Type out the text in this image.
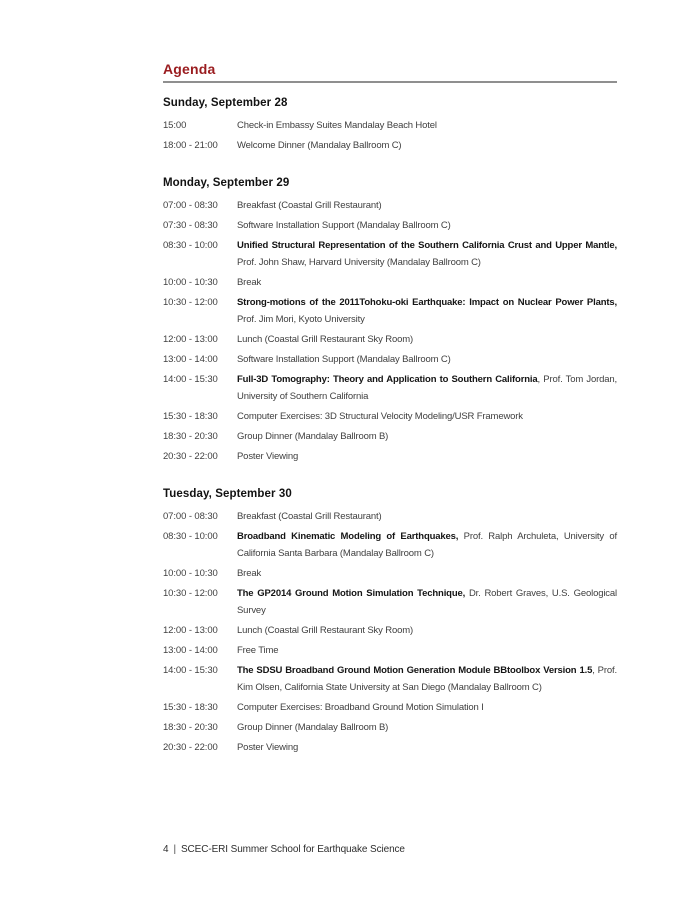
Agenda
Sunday, September 28
15:00	Check-in Embassy Suites Mandalay Beach Hotel
18:00 - 21:00	Welcome Dinner (Mandalay Ballroom C)
Monday, September 29
07:00 - 08:30	Breakfast (Coastal Grill Restaurant)
07:30 - 08:30	Software Installation Support (Mandalay Ballroom C)
08:30 - 10:00	Unified Structural Representation of the Southern California Crust and Upper Mantle, Prof. John Shaw, Harvard University (Mandalay Ballroom C)
10:00 - 10:30	Break
10:30 - 12:00	Strong-motions of the 2011Tohoku-oki Earthquake: Impact on Nuclear Power Plants, Prof. Jim Mori, Kyoto University
12:00 - 13:00	Lunch (Coastal Grill Restaurant Sky Room)
13:00 - 14:00	Software Installation Support (Mandalay Ballroom C)
14:00 - 15:30	Full-3D Tomography: Theory and Application to Southern California, Prof. Tom Jordan, University of Southern California
15:30 - 18:30	Computer Exercises: 3D Structural Velocity Modeling/USR Framework
18:30 - 20:30	Group Dinner (Mandalay Ballroom B)
20:30 - 22:00	Poster Viewing
Tuesday, September 30
07:00 - 08:30	Breakfast (Coastal Grill Restaurant)
08:30 - 10:00	Broadband Kinematic Modeling of Earthquakes, Prof. Ralph Archuleta, University of California Santa Barbara (Mandalay Ballroom C)
10:00 - 10:30	Break
10:30 - 12:00	The GP2014 Ground Motion Simulation Technique, Dr. Robert Graves, U.S. Geological Survey
12:00 - 13:00	Lunch (Coastal Grill Restaurant Sky Room)
13:00 - 14:00	Free Time
14:00 - 15:30	The SDSU Broadband Ground Motion Generation Module BBtoolbox Version 1.5, Prof. Kim Olsen, California State University at San Diego (Mandalay Ballroom C)
15:30 - 18:30	Computer Exercises: Broadband Ground Motion Simulation I
18:30 - 20:30	Group Dinner (Mandalay Ballroom B)
20:30 - 22:00	Poster Viewing
4 | SCEC-ERI Summer School for Earthquake Science
